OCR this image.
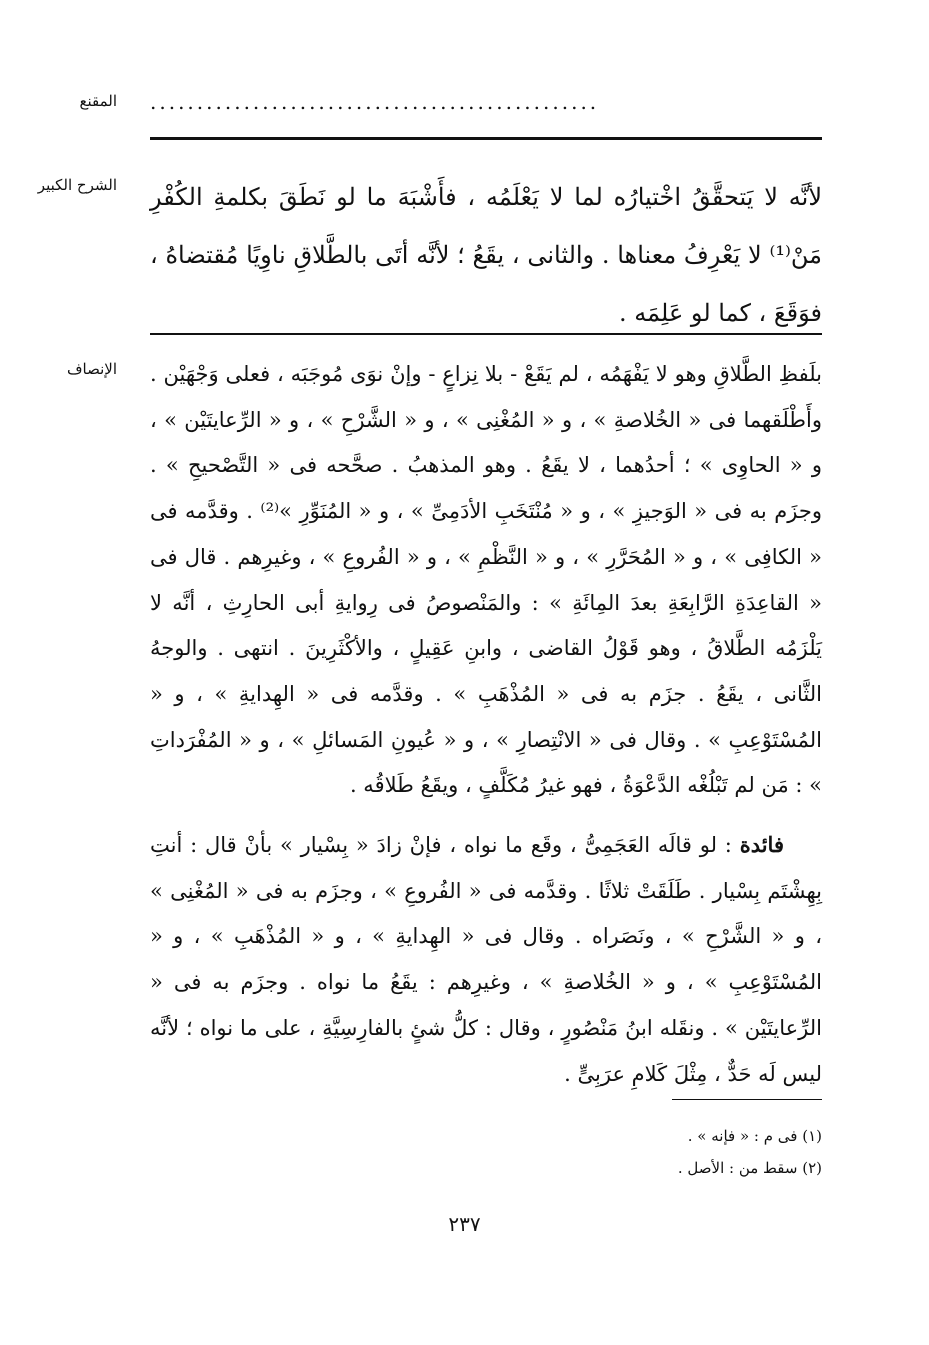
المقنع ................................................
الشرح الكبير لأنَّه لا يَتحقَّقُ اخْتيارُه لما لا يَعْلَمُه ، فأَشْبَهَ ما لو نَطَقَ بكلمةِ الكُفْرِ مَنْ⁽¹⁾ لا يَعْرِفُ معناها . والثانى ، يقَعُ ؛ لأنَّه أتَى بالطَّلاقِ ناوِيًا مُقتضاهُ ، فوَقَعَ ، كما لو عَلِمَه .

الإنصاف بلَفظِ الطَّلاقِ وهو لا يَفْهَمُه ، لم يَقَعْ - بلا نِزاعٍ - وإنْ نوَى مُوجَبَه ، فعلى وَجْهَيْن . وأَطْلَقهما فى « الخُلاصةِ » ، و « المُغْنِى » ، و « الشَّرْحِ » ، و « الرِّعايتَيْن » ، و « الحاوِى » ؛ أحدُهما ، لا يقَعُ . وهو المذهبُ . صحَّحه فى « التَّصْحيحِ » . وجزَم به فى « الوَجيزِ » ، و « مُنْتَخَبِ الأدَمِىِّ » ، و « المُنَوِّرِ »⁽²⁾ . وقدَّمه فى « الكافِى » ، و « المُحَرَّرِ » ، و « النَّظْمِ » ، و « الفُروعِ » ، وغيرِهم . قال فى « القاعِدَةِ الرَّابِعَةِ بعدَ المِائَةِ » : والمَنْصوصُ فى رِوايةِ أبى الحارِثِ ، أنَّه لا يَلْزَمُه الطَّلاقُ ، وهو قَوْلُ القاضى ، وابنِ عَقِيلٍ ، والأكْثَرِينَ . انتهى . والوجهُ الثَّانى ، يقَعُ . جزَم به فى « المُذْهَبِ » . وقدَّمه فى « الهِدايةِ » ، و « المُسْتَوْعِبِ » . وقال فى « الانْتِصارِ » ، و « عُيونِ المَسائلِ » ، و « المُفْرَداتِ » : مَن لم تَبْلُغْه الدَّعْوَةُ ، فهو غيرُ مُكَلَّفٍ ، ويقَعُ طَلاقُه .

فائدة : لو قالَه العَجَمِىُّ ، وقَع ما نواه ، فإنْ زادَ « بِسْيار » بأنْ قال : أنتِ بِهِشْتَم بِسْيار . طَلَقَتْ ثلاثًا . وقدَّمه فى « الفُروعِ » ، وجزَم به فى « المُغْنِى » ، و « الشَّرْحِ » ، ونَصَراه . وقال فى « الهِدايةِ » ، و « المُذْهَبِ » ، و « المُسْتَوْعِبِ » ، و « الخُلاصةِ » ، وغيرِهم : يقَعُ ما نواه . وجزَم به فى « الرِّعايتَيْن » . ونقَله ابنُ مَنْصُورٍ ، وقال : كلُّ شئٍ بالفارِسِيَّةِ ، على ما نواه ؛ لأنَّه ليس لَه حَدٌّ ، مِثْلَ كَلامِ عرَبِىٍّ .

(١) فى م : « فإنه » .
(٢) سقط من : الأصل .
٢٣٧
